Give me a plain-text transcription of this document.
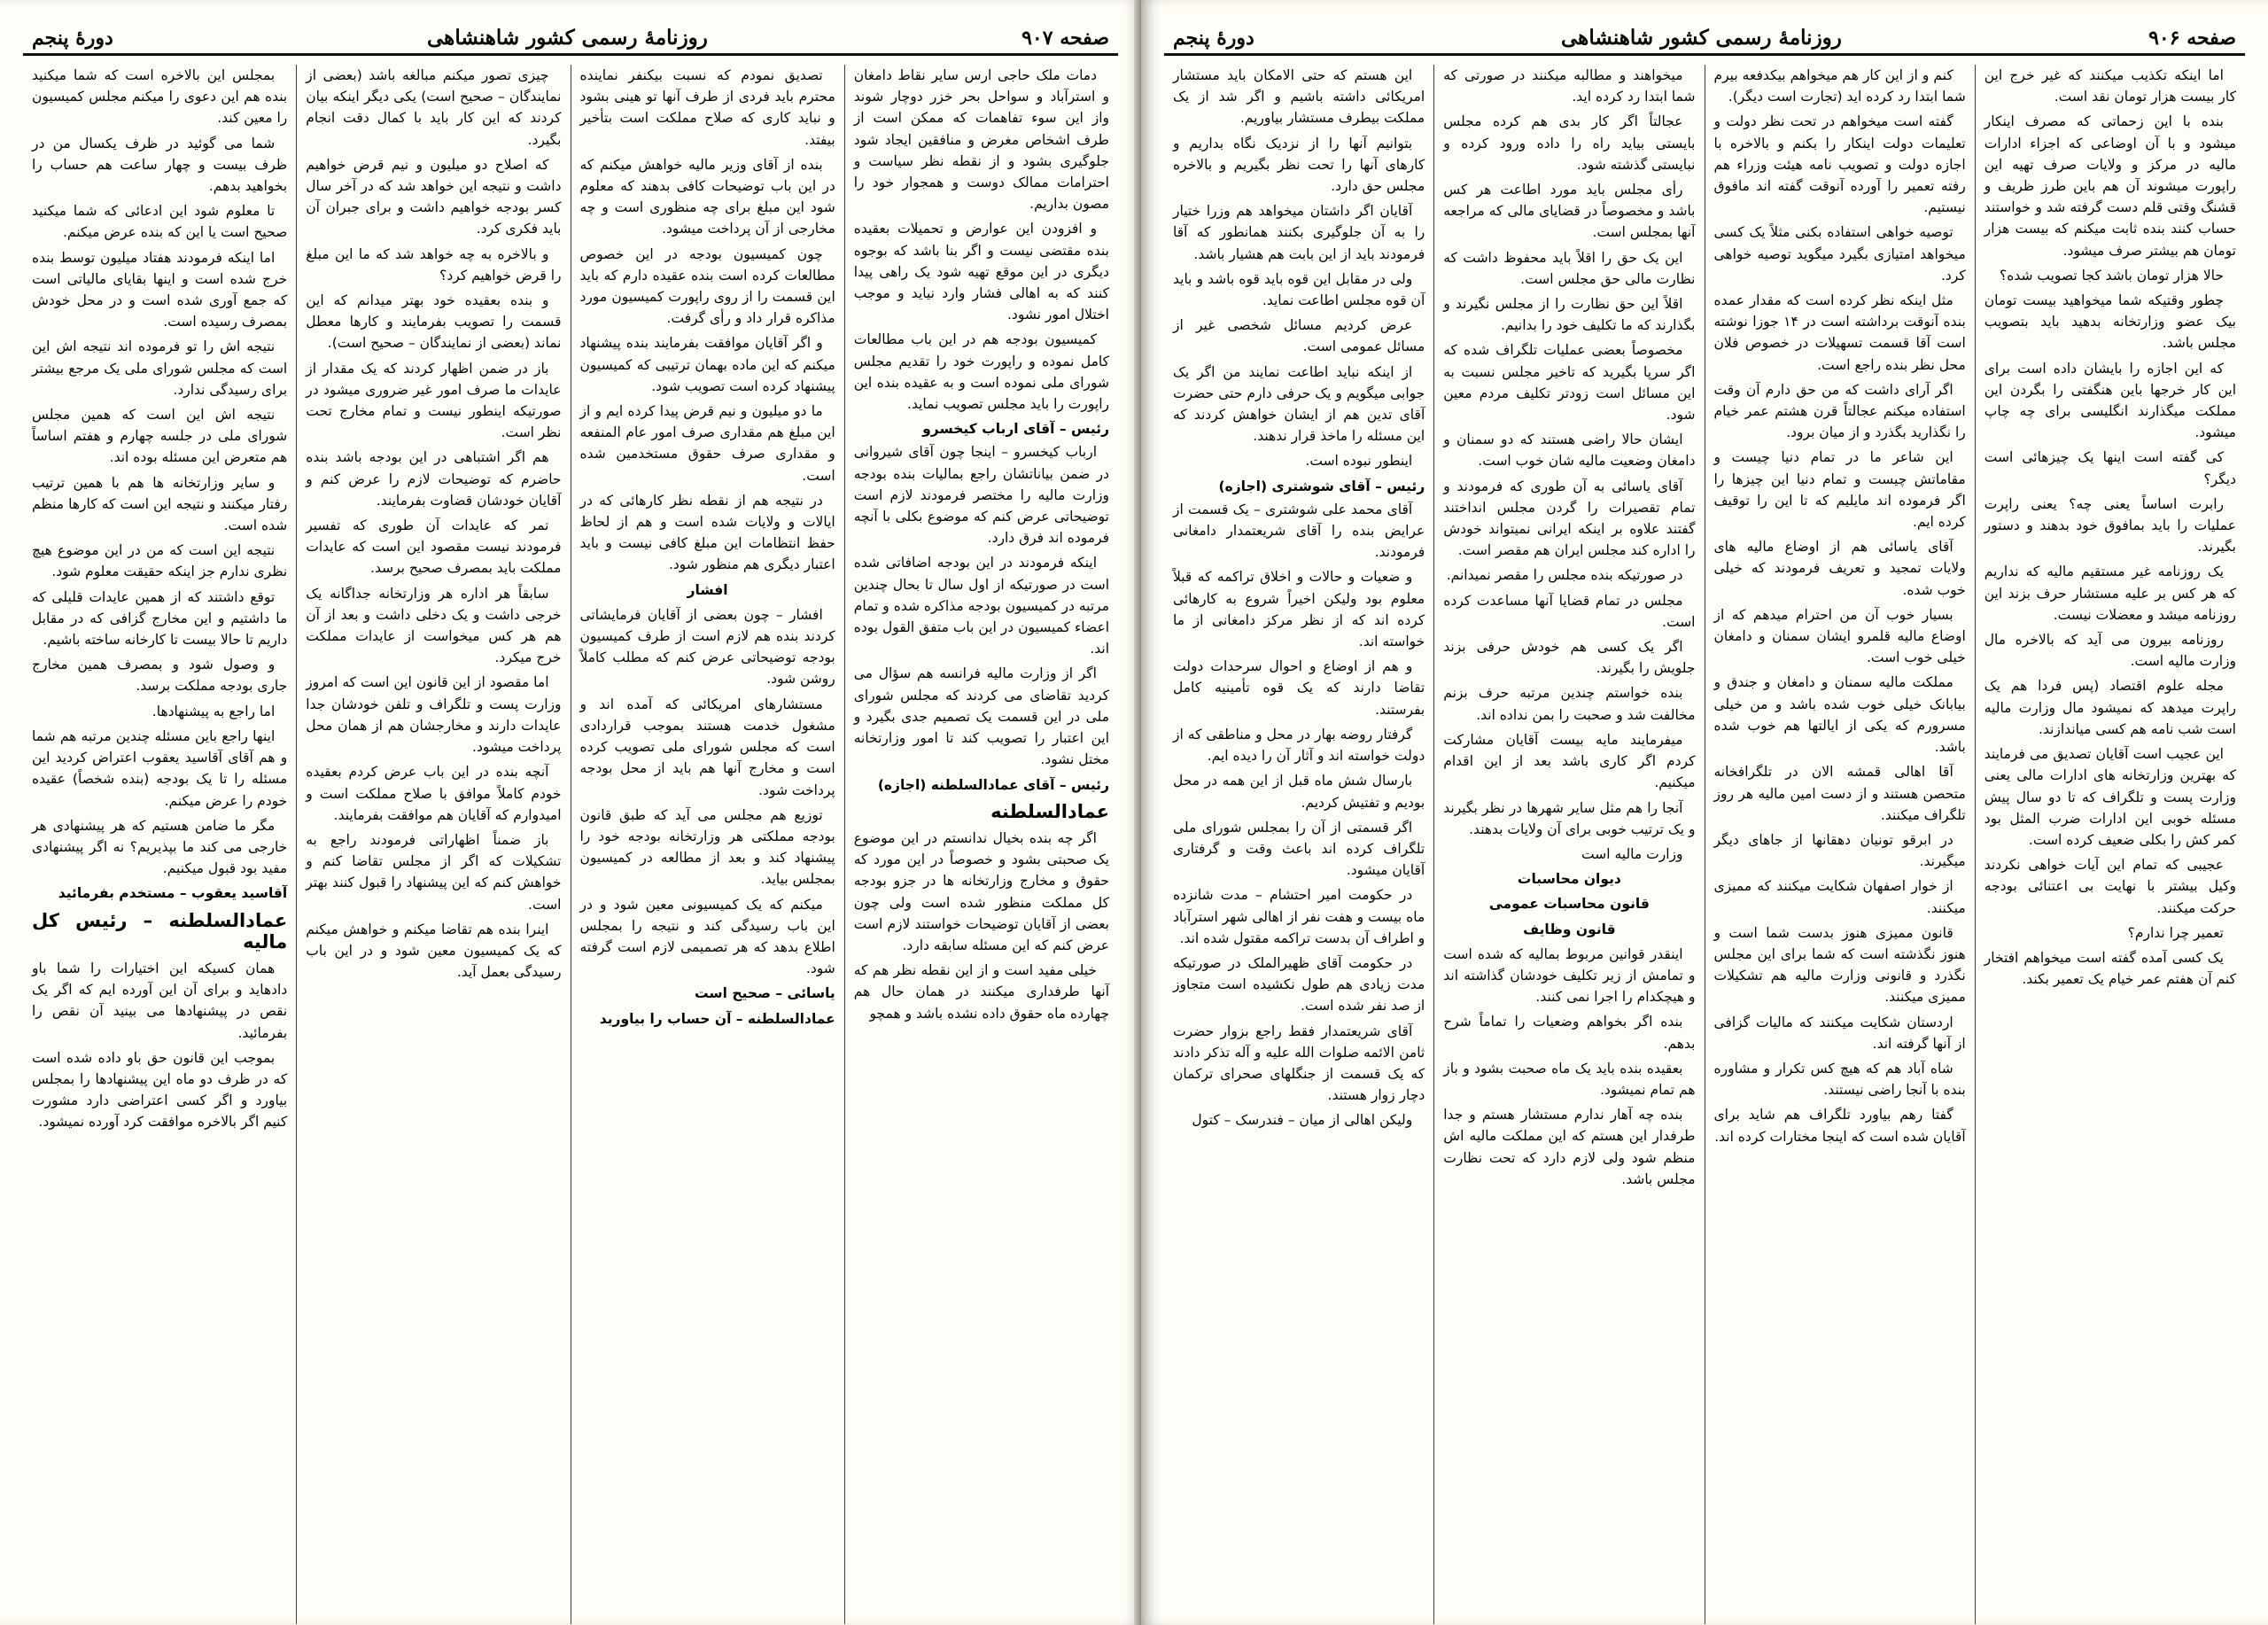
صفحه ۹۰۷
روزنامهٔ رسمی کشور شاهنشاهی
دورهٔ پنجم

دمات ملک حاجی ارس سایر نقاط دامغان و استرآباد و سواحل بحر خزر دوچار شوند واز این سوء تفاهمات که ممکن است از طرف اشخاص مغرض و منافقین ایجاد شود جلوگیری بشود و از نقطه نظر سیاست و احترامات ممالک دوست و همجوار خود را مصون بداریم.

و افزودن این عوارض و تحمیلات بعقیده بنده مقتضی نیست و اگر بنا باشد که بوجوه دیگری در این موقع تهیه شود یک راهی پیدا کنند که به اهالی فشار وارد نیاید و موجب اختلال امور نشود.

کمیسیون بودجه هم در این باب مطالعات کامل نموده و راپورت خود را تقدیم مجلس شورای ملی نموده است و به عقیده بنده این راپورت را باید مجلس تصویب نماید.

رئیس – آقای ارباب کیخسرو

ارباب کیخسرو – اینجا چون آقای شیروانی در ضمن بیاناتشان راجع بمالیات بنده بودجه وزارت مالیه را مختصر فرمودند لازم است توضیحاتی عرض کنم که موضوع بکلی با آنچه فرموده اند فرق دارد.

اینکه فرمودند در این بودجه اضافاتی شده است در صورتیکه از اول سال تا بحال چندین مرتبه در کمیسیون بودجه مذاکره شده و تمام اعضاء کمیسیون در این باب متفق القول بوده اند.

اگر از وزارت مالیه فرانسه هم سؤال می کردید تقاضای می کردند که مجلس شورای ملی در این قسمت یک تصمیم جدی بگیرد و این اعتبار را تصویب کند تا امور وزارتخانه مختل نشود.

رئیس – آقای عمادالسلطنه (اجازه)
عمادالسلطنه

اگر چه بنده بخیال ندانستم در این موضوع یک صحبتی بشود و خصوصاً در این مورد که حقوق و مخارج وزارتخانه ها در جزو بودجه کل مملکت منظور شده است ولی چون بعضی از آقایان توضیحات خواستند لازم است عرض کنم که این مسئله سابقه دارد.

خیلی مفید است و از این نقطه نظر هم که آنها طرفداری میکنند در همان حال هم چهارده ماه حقوق داده نشده باشد و همچو

تصدیق نمودم که نسبت بیکنفر نماینده محترم باید فردی از طرف آنها تو هینی بشود و نباید کاری که صلاح مملکت است بتأخیر بیفتد.

بنده از آقای وزیر مالیه خواهش میکنم که در این باب توضیحات کافی بدهند که معلوم شود این مبلغ برای چه منظوری است و چه مخارجی از آن پرداخت میشود.

چون کمیسیون بودجه در این خصوص مطالعات کرده است بنده عقیده دارم که باید این قسمت را از روی راپورت کمیسیون مورد مذاکره قرار داد و رأی گرفت.

و اگر آقایان موافقت بفرمایند بنده پیشنهاد میکنم که این ماده بهمان ترتیبی که کمیسیون پیشنهاد کرده است تصویب شود.

ما دو میلیون و نیم قرض پیدا کرده ایم و از این مبلغ هم مقداری صرف امور عام المنفعه و مقداری صرف حقوق مستخدمین شده است.

در نتیجه هم از نقطه نظر کارهائی که در ایالات و ولایات شده است و هم از لحاظ حفظ انتظامات این مبلغ کافی نیست و باید اعتبار دیگری هم منظور شود.

افشار

افشار – چون بعضی از آقایان فرمایشاتی کردند بنده هم لازم است از طرف کمیسیون بودجه توضیحاتی عرض کنم که مطلب کاملاً روشن شود.

مستشارهای امریکائی که آمده اند و مشغول خدمت هستند بموجب قراردادی است که مجلس شورای ملی تصویب کرده است و مخارج آنها هم باید از محل بودجه پرداخت شود.

توزیع هم مجلس می آید که طبق قانون بودجه مملکتی هر وزارتخانه بودجه خود را پیشنهاد کند و بعد از مطالعه در کمیسیون بمجلس بیاید.

میکنم که یک کمیسیونی معین شود و در این باب رسیدگی کند و نتیجه را بمجلس اطلاع بدهد که هر تصمیمی لازم است گرفته شود.

یاسائی – صحیح است
عمادالسلطنه – آن حساب را بیاورید

چیزی تصور میکنم مبالغه باشد (بعضی از نمایندگان – صحیح است) یکی دیگر اینکه بیان کردند که این کار باید با کمال دقت انجام بگیرد.

که اصلاح دو میلیون و نیم قرض خواهیم داشت و نتیجه این خواهد شد که در آخر سال کسر بودجه خواهیم داشت و برای جبران آن باید فکری کرد.

و بالاخره به چه خواهد شد که ما این مبلغ را قرض خواهیم کرد؟

و بنده بعقیده خود بهتر میدانم که این قسمت را تصویب بفرمایند و کارها معطل نماند (بعضی از نمایندگان – صحیح است).

باز در ضمن اظهار کردند که یک مقدار از عایدات ما صرف امور غیر ضروری میشود در صورتیکه اینطور نیست و تمام مخارج تحت نظر است.

هم اگر اشتباهی در این بودجه باشد بنده حاضرم که توضیحات لازم را عرض کنم و آقایان خودشان قضاوت بفرمایند.

تمر که عایدات آن طوری که تفسیر فرمودند نیست مقصود این است که عایدات مملکت باید بمصرف صحیح برسد.

سابقاً هر اداره هر وزارتخانه جداگانه یک خرجی داشت و یک دخلی داشت و بعد از آن هم هر کس میخواست از عایدات مملکت خرج میکرد.

اما مقصود از این قانون این است که امروز وزارت پست و تلگراف و تلفن خودشان جدا عایدات دارند و مخارجشان هم از همان محل پرداخت میشود.

آنچه بنده در این باب عرض کردم بعقیده خودم کاملاً موافق با صلاح مملکت است و امیدوارم که آقایان هم موافقت بفرمایند.

باز ضمناً اظهاراتی فرمودند راجع به تشکیلات که اگر از مجلس تقاضا کنم و خواهش کنم که این پیشنهاد را قبول کنند بهتر است.

اینرا بنده هم تقاضا میکنم و خواهش میکنم که یک کمیسیون معین شود و در این باب رسیدگی بعمل آید.

بمجلس این بالاخره است که شما میکنید بنده هم این دعوی را میکنم مجلس کمیسیون را معین کند.

شما می گوئید در ظرف یکسال من در ظرف بیست و چهار ساعت هم حساب را بخواهید بدهم.

تا معلوم شود این ادعائی که شما میکنید صحیح است یا این که بنده عرض میکنم.

اما اینکه فرمودند هفتاد میلیون توسط بنده خرج شده است و اینها بقایای مالیاتی است که جمع آوری شده است و در محل خودش بمصرف رسیده است.

نتیجه اش را تو فرموده اند نتیجه اش این است که مجلس شورای ملی یک مرجع بیشتر برای رسیدگی ندارد.

نتیجه اش این است که همین مجلس شورای ملی در جلسه چهارم و هفتم اساساً هم متعرض این مسئله بوده اند.

و سایر وزارتخانه ها هم با همین ترتیب رفتار میکنند و نتیجه این است که کارها منظم شده است.

نتیجه این است که من در این موضوع هیچ نظری ندارم جز اینکه حقیقت معلوم شود.

توقع داشتند که از همین عایدات قلیلی که ما داشتیم و این مخارج گزافی که در مقابل داریم تا حالا بیست تا کارخانه ساخته باشیم.

و وصول شود و بمصرف همین مخارج جاری بودجه مملکت برسد.

اما راجع به پیشنهادها.

اینها راجع باین مسئله چندین مرتبه هم شما و هم آقای آقاسید یعقوب اعتراض کردید این مسئله را تا یک بودجه (بنده شخصاً) عقیده خودم را عرض میکنم.

مگر ما ضامن هستیم که هر پیشنهادی هر خارجی می کند ما بپذیریم؟ نه اگر پیشنهادی مفید بود قبول میکنیم.

آقاسید یعقوب – مستخدم بفرمائید
عمادالسلطنه – رئیس کل مالیه

همان کسیکه این اختیارات را شما باو دادهاید و برای آن این آورده ایم که اگر یک نقص در پیشنهادها می بینید آن نقص را بفرمائید.

بموجب این قانون حق باو داده شده است که در ظرف دو ماه این پیشنهادها را بمجلس بیاورد و اگر کسی اعتراضی دارد مشورت کنیم اگر بالاخره موافقت کرد آورده نمیشود.

صفحه ۹۰۶
روزنامهٔ رسمی کشور شاهنشاهی
دورهٔ پنجم

اما اینکه تکذیب میکنند که غیر خرج این کار بیست هزار تومان نقد است.

بنده با این زحماتی که مصرف اینکار میشود و با آن اوضاعی که اجزاء ادارات مالیه در مرکز و ولایات صرف تهیه این راپورت میشوند آن هم باین طرز ظریف و قشنگ وقتی قلم دست گرفته شد و خواستند حساب کنند بنده ثابت میکنم که بیست هزار تومان هم بیشتر صرف میشود.

حالا هزار تومان باشد کجا تصویب شده؟

چطور وقتیکه شما میخواهید بیست تومان بیک عضو وزارتخانه بدهید باید بتصویب مجلس باشد.

که این اجازه را بایشان داده است برای این کار خرجها باین هنگفتی را بگردن این مملکت میگذارند انگلیسی برای چه چاپ میشود.

کی گفته است اینها یک چیزهائی است دیگر؟

رابرت اساساً یعنی چه؟ یعنی راپرت عملیات را باید بمافوق خود بدهند و دستور بگیرند.

یک روزنامه غیر مستقیم مالیه که نداریم که هر کس بر علیه مستشار حرف بزند این روزنامه میشد و معضلات نیست.

روزنامه بیرون می آید که بالاخره مال وزارت مالیه است.

مجله علوم اقتصاد (پس فردا هم یک راپرت میدهد که نمیشود مال وزارت مالیه است شب نامه هم کسی میاندازند.

این عجیب است آقایان تصدیق می فرمایند که بهترین وزارتخانه های ادارات مالی یعنی وزارت پست و تلگراف که تا دو سال پیش مسئله خوبی این ادارات ضرب المثل بود کمر کش را بکلی ضعیف کرده است.

عجیبی که تمام این آیات خواهی نکردند وکیل بیشتر با نهایت بی اعتنائی بودجه حرکت میکنند.

تعمیر چرا ندارم؟

یک کسی آمده گفته است میخواهم افتخار کنم آن هفتم عمر خیام یک تعمیر بکند.

کنم و از این کار هم میخواهم بیکدفعه بیرم شما ابتدا رد کرده اید (تجارت است دیگر).

گفته است میخواهم در تحت نظر دولت و تعلیمات دولت اینکار را بکنم و بالاخره با اجازه دولت و تصویب نامه هیئت وزراء هم رفته تعمیر را آورده آنوقت گفته اند مافوق نیستیم.

توصیه خواهی استفاده بکنی مثلاً یک کسی میخواهد امتیازی بگیرد میگوید توصیه خواهی کرد.

مثل اینکه نظر کرده است که مقدار عمده بنده آنوقت برداشته است در ۱۴ جوزا نوشته است آقا قسمت تسهیلات در خصوص فلان محل نظر بنده راجع است.

اگر آرای داشت که من حق دارم آن وقت استفاده میکنم عجالتاً قرن هشتم عمر خیام را نگذارید بگذرد و از میان برود.

این شاعر ما در تمام دنیا چیست و مقاماتش چیست و تمام دنیا این چیزها را اگر فرموده اند مایلیم که تا این را توقیف کرده ایم.

آقای یاسائی هم از اوضاع مالیه های ولایات تمجید و تعریف فرمودند که خیلی خوب شده.

بسیار خوب آن من احترام میدهم که از اوضاع مالیه قلمرو ایشان سمنان و دامغان خیلی خوب است.

مملکت مالیه سمنان و دامغان و جندق و بیابانک خیلی خوب شده باشد و من خیلی مسرورم که یکی از ایالتها هم خوب شده باشد.

آقا اهالی قمشه الان در تلگرافخانه متحصن هستند و از دست امین مالیه هر روز تلگراف میکنند.

در ابرقو تونیان دهقانها از جاهای دیگر میگیرند.

از خوار اصفهان شکایت میکنند که ممیزی میکنند.

قانون ممیزی هنوز بدست شما است و هنوز نگذشته است که شما برای این مجلس نگذرد و قانونی وزارت مالیه هم تشکیلات ممیزی میکنند.

اردستان شکایت میکنند که مالیات گزافی از آنها گرفته اند.

شاه آباد هم که هیچ کس تکرار و مشاوره بنده با آنجا راضی نیستند.

گفتا رهم بیاورد تلگراف هم شاید برای آقایان شده است که اینجا مختارات کرده اند.

میخواهند و مطالبه میکنند در صورتی که شما ابتدا رد کرده اید.

عجالتاً اگر کار بدی هم کرده مجلس بایستی بیاید راه را داده ورود کرده و نبایستی گذشته شود.

رأی مجلس باید مورد اطاعت هر کس باشد و مخصوصاً در قضایای مالی که مراجعه آنها بمجلس است.

این یک حق را اقلاً باید محفوظ داشت که نظارت مالی حق مجلس است.

اقلاً این حق نظارت را از مجلس نگیرند و بگذارند که ما تکلیف خود را بدانیم.

مخصوصاً بعضی عملیات تلگراف شده که اگر سرپا بگیرید که تاخیر مجلس نسبت به این مسائل است زودتر تکلیف مردم معین شود.

ایشان حالا راضی هستند که دو سمنان و دامغان وضعیت مالیه شان خوب است.

آقای یاسائی به آن طوری که فرمودند و تمام تقصیرات را گردن مجلس انداختند گفتند علاوه بر اینکه ایرانی نمیتواند خودش را اداره کند مجلس ایران هم مقصر است.

در صورتیکه بنده مجلس را مقصر نمیدانم.

مجلس در تمام قضایا آنها مساعدت کرده است.

اگر یک کسی هم خودش حرفی بزند جلویش را بگیرند.

بنده خواستم چندین مرتبه حرف بزنم مخالفت شد و صحبت را بمن نداده اند.

میفرمایند مایه بیست آقایان مشارکت کردم اگر کاری باشد بعد از این اقدام میکنیم.

آنجا را هم مثل سایر شهرها در نظر بگیرند و یک ترتیب خوبی برای آن ولایات بدهند.

وزارت مالیه است

دیوان محاسبات
قانون محاسبات عمومی
قانون وظایف

اینقدر قوانین مربوط بمالیه که شده است و تمامش از زیر تکلیف خودشان گذاشته اند و هیچکدام را اجرا نمی کنند.

بنده اگر بخواهم وضعیات را تماماً شرح بدهم.

بعقیده بنده باید یک ماه صحبت بشود و باز هم تمام نمیشود.

بنده چه آهار ندارم مستشار هستم و جدا طرفدار این هستم که این مملکت مالیه اش منظم شود ولی لازم دارد که تحت نظارت مجلس باشد.

این هستم که حتی الامکان باید مستشار امریکائی داشته باشیم و اگر شد از یک مملکت بیطرف مستشار بیاوریم.

بتوانیم آنها را از نزدیک نگاه بداریم و کارهای آنها را تحت نظر بگیریم و بالاخره مجلس حق دارد.

آقایان اگر داشتان میخواهد هم وزرا ختیار را به آن جلوگیری بکنند همانطور که آقا فرمودند باید از این بابت هم هشیار باشد.

ولی در مقابل این قوه باید قوه باشد و باید آن قوه مجلس اطاعت نماید.

عرض کردیم مسائل شخصی غیر از مسائل عمومی است.

از اینکه نباید اطاعت نمایند من اگر یک جوابی میگویم و یک حرفی دارم حتی حضرت آقای تدین هم از ایشان خواهش کردند که این مسئله را ماخذ قرار ندهند.

اینطور نبوده است.

رئیس – آقای شوشتری (اجازه)

آقای محمد علی شوشتری – یک قسمت از عرایض بنده را آقای شریعتمدار دامغانی فرمودند.

و ضعیات و حالات و اخلاق تراکمه که قبلاً معلوم بود ولیکن اخیراً شروع به کارهائی کرده اند که از نظر مرکز دامغانی از ما خواسته اند.

و هم از اوضاع و احوال سرحدات دولت تقاضا دارند که یک قوه تأمینیه کامل بفرستند.

گرفتار روضه بهار در محل و مناطقی که از دولت خواسته اند و آثار آن را دیده ایم.

بارسال شش ماه قبل از این همه در محل بودیم و تفتیش کردیم.

اگر قسمتی از آن را بمجلس شورای ملی تلگراف کرده اند باعث وقت و گرفتاری آقایان میشود.

در حکومت امیر احتشام – مدت شانزده ماه بیست و هفت نفر از اهالی شهر استرآباد و اطراف آن بدست تراکمه مقتول شده اند.

در حکومت آقای ظهیرالملک در صورتیکه مدت زیادی هم طول نکشیده است متجاوز از صد نفر شده است.

آقای شریعتمدار فقط راجع بزوار حضرت ثامن الائمه صلوات الله علیه و آله تذکر دادند که یک قسمت از جنگلهای صحرای ترکمان دچار زوار هستند.

ولیکن اهالی از میان – فندرسک – کتول
